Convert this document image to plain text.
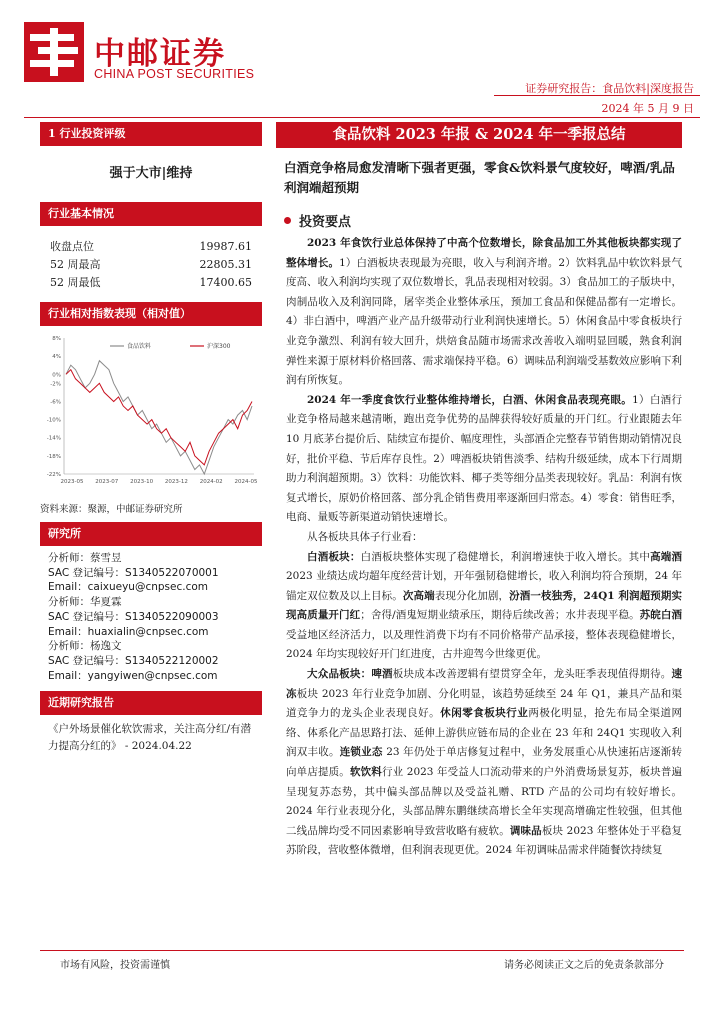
中邮证券
CHINA POST SECURITIES
证券研究报告：食品饮料|深度报告
2024 年 5 月 9 日
1 行业投资评级
强于大市|维持
行业基本情况
收盘点位	19987.61
52 周最高	22805.31
52 周最低	17400.65
行业相对指数表现（相对值）
8%
4%
0%
-2%
-6%
-10%
-14%
-18%
-22%
2023-05 2023-07 2023-10 2023-12 2024-02 2024-05
食品饮料	沪深300
资料来源：聚源，中邮证券研究所
研究所
分析师：蔡雪昱
SAC 登记编号：S1340522070001
Email：caixueyu@cnpsec.com
分析师：华夏霖
SAC 登记编号：S1340522090003
Email：huaxialin@cnpsec.com
分析师：杨逸文
SAC 登记编号：S1340522120002
Email：yangyiwen@cnpsec.com
近期研究报告
《户外场景催化软饮需求，关注高分红/有潜力提高分红的》 - 2024.04.22
食品饮料 2023 年报 & 2024 年一季报总结
白酒竞争格局愈发清晰下强者更强，零食&饮料景气度较好，啤酒/乳品利润端超预期
投资要点
2023 年食饮行业总体保持了中高个位数增长，除食品加工外其他板块都实现了整体增长。1）白酒板块表现最为亮眼，收入与利润齐增。2）饮料乳品中软饮料景气度高、收入利润均实现了双位数增长，乳品表现相对较弱。3）食品加工的子版块中，肉制品收入及利润同降，屠宰类企业整体承压，预加工食品和保健品都有一定增长。4）非白酒中，啤酒产业产品升级带动行业利润快速增长。5）休闲食品中零食板块行业竞争激烈、利润有较大回升，烘焙食品随市场需求改善收入端明显回暖，熟食利润弹性来源于原材料价格回落、需求端保持平稳。6）调味品利润端受基数效应影响下利润有所恢复。
2024 年一季度食饮行业整体维持增长，白酒、休闲食品表现亮眼。1）白酒行业竞争格局越来越清晰，跑出竞争优势的品牌获得较好质量的开门红。行业跟随去年 10 月底茅台提价后、陆续宣布提价、幅度理性，头部酒企完整春节销售期动销情况良好，批价平稳、节后库存良性。2）啤酒板块销售淡季、结构升级延续，成本下行周期助力利润超预期。3）饮料：功能饮料、椰子类等细分品类表现较好。乳品：利润有恢复式增长，原奶价格回落、部分乳企销售费用率逐渐回归常态。4）零食：销售旺季，电商、量贩等新渠道动销快速增长。
从各板块具体子行业看：
白酒板块：白酒板块整体实现了稳健增长，利润增速快于收入增长。其中高端酒2023 业绩达成均超年度经营计划，开年强韧稳健增长，收入利润均符合预期，24 年锚定双位数及以上目标。次高端表现分化加剧，汾酒一枝独秀，24Q1 利润超预期实现高质量开门红；舍得/酒鬼短期业绩承压，期待后续改善；水井表现平稳。苏皖白酒受益地区经济活力，以及理性消费下均有不同价格带产品承接，整体表现稳健增长，2024 年均实现较好开门红进度，古井迎驾今世缘更优。
大众品板块：啤酒板块成本改善逻辑有望贯穿全年，龙头旺季表现值得期待。速冻板块 2023 年行业竞争加剧、分化明显，该趋势延续至 24 年 Q1，兼具产品和渠道竞争力的龙头企业表现良好。休闲零食板块行业两极化明显，抢先布局全渠道网络、体系化产品思路打法、延伸上游供应链布局的企业在 23 年和 24Q1 实现收入利润双丰收。连锁业态 23 年仍处于单店修复过程中，业务发展重心从快速拓店逐渐转向单店提质。软饮料行业 2023 年受益人口流动带来的户外消费场景复苏，板块普遍呈现复苏态势，其中偏头部品牌以及受益礼赠、RTD 产品的公司均有较好增长。2024 年行业表现分化，头部品牌东鹏继续高增长全年实现高增确定性较强，但其他二线品牌均受不同因素影响导致营收略有疲软。调味品板块 2023 年整体处于平稳复苏阶段，营收整体微增，但利润表现更优。2024 年初调味品需求伴随餐饮持续复
市场有风险，投资需谨慎	请务必阅读正文之后的免责条款部分
